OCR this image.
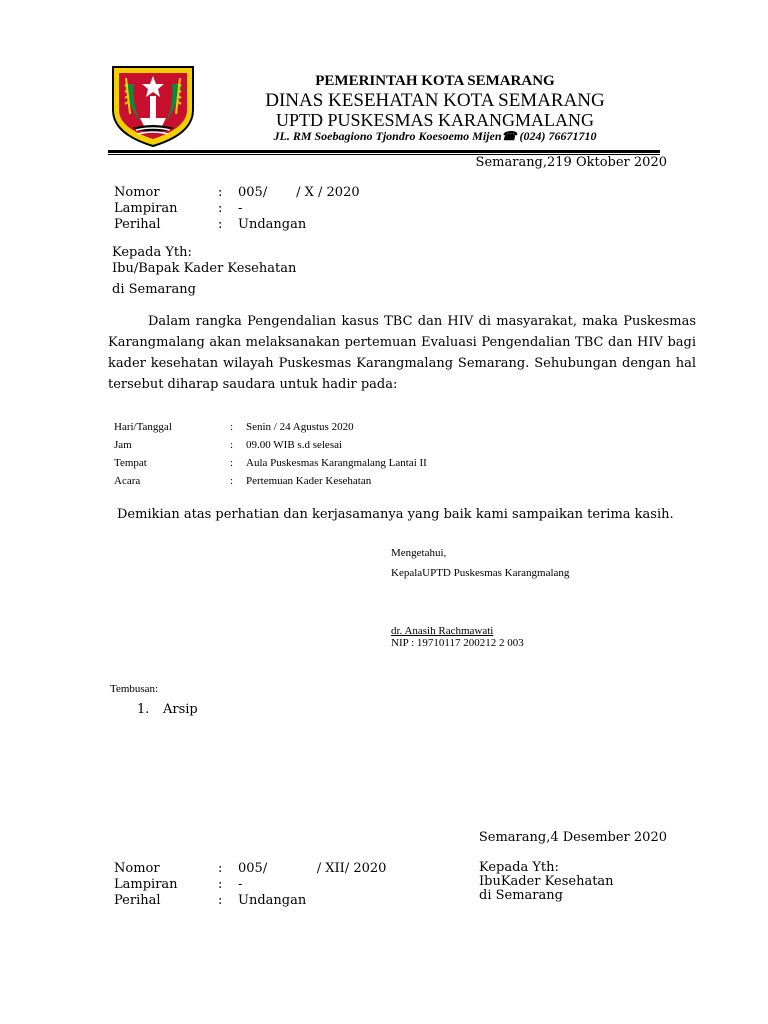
PEMERINTAH KOTA SEMARANG
DINAS KESEHATAN KOTA SEMARANG
UPTD PUSKESMAS KARANGMALANG
JL. RM Soebagiono Tjondro Koesoemo Mijen☎ (024) 76671710
Semarang,219 Oktober 2020
Nomor	: 005/       / X / 2020
Lampiran	: -
Perihal	: Undangan
Kepada Yth:
Ibu/Bapak Kader Kesehatan
di Semarang
Dalam rangka Pengendalian kasus TBC dan HIV di masyarakat, maka Puskesmas Karangmalang akan melaksanakan pertemuan Evaluasi Pengendalian TBC dan HIV bagi kader kesehatan wilayah Puskesmas Karangmalang Semarang. Sehubungan dengan hal tersebut diharap saudara untuk hadir pada:
Hari/Tanggal	: Senin / 24 Agustus 2020
Jam	: 09.00 WIB s.d selesai
Tempat	: Aula Puskesmas Karangmalang Lantai II
Acara	: Pertemuan Kader Kesehatan
Demikian atas perhatian dan kerjasamanya yang baik kami sampaikan terima kasih.
Mengetahui,
KepalaUPTD Puskesmas Karangmalang
dr. Anasih Rachmawati
NIP : 19710117 200212 2 003
Tembusan:
1. Arsip
Semarang,4 Desember 2020
Nomor	: 005/            / XII/ 2020
Lampiran	: -
Perihal	: Undangan
Kepada Yth:
IbuKader Kesehatan
di Semarang
